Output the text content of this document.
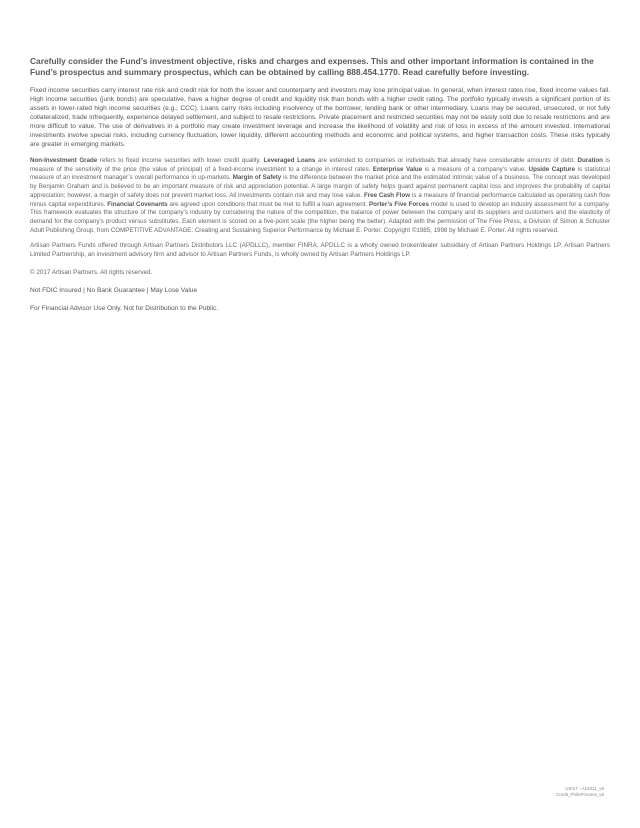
Carefully consider the Fund’s investment objective, risks and charges and expenses. This and other important information is contained in the Fund’s prospectus and summary prospectus, which can be obtained by calling 888.454.1770. Read carefully before investing.

Fixed income securities carry interest rate risk and credit risk for both the issuer and counterparty and investors may lose principal value. In general, when interest rates rise, fixed income values fall. High income securities (junk bonds) are speculative, have a higher degree of credit and liquidity risk than bonds with a higher credit rating. The portfolio typically invests a significant portion of its assets in lower-rated high income securities (e.g., CCC). Loans carry risks including insolvency of the borrower, lending bank or other intermediary. Loans may be secured, unsecured, or not fully collateralized, trade infrequently, experience delayed settlement, and subject to resale restrictions. Private placement and restricted securities may not be easily sold due to resale restrictions and are more difficult to value. The use of derivatives in a portfolio may create investment leverage and increase the likelihood of volatility and risk of loss in excess of the amount invested. International investments involve special risks, including currency fluctuation, lower liquidity, different accounting methods and economic and political systems, and higher transaction costs. These risks typically are greater in emerging markets.

Non-Investment Grade refers to fixed income securities with lower credit quality. Leveraged Loans are extended to companies or individuals that already have considerable amounts of debt. Duration is measure of the sensitivity of the price (the value of principal) of a fixed-income investment to a change in interest rates. Enterprise Value is a measure of a company’s value. Upside Capture is statistical measure of an investment manager’s overall performance in up-markets. Margin of Safety is the difference between the market price and the estimated intrinsic value of a business. The concept was developed by Benjamin Graham and is believed to be an important measure of risk and appreciation potential. A large margin of safety helps guard against permanent capital loss and improves the probability of capital appreciation; however, a margin of safety does not prevent market loss. All investments contain risk and may lose value. Free Cash Flow is a measure of financial performance calculated as operating cash flow minus capital expenditures. Financial Covenants are agreed upon conditions that must be met to fulfill a loan agreement. Porter’s Five Forces model is used to develop an industry assessment for a company. This framework evaluates the structure of the company’s industry by considering the nature of the competition, the balance of power between the company and its suppliers and customers and the elasticity of demand for the company’s product versus substitutes. Each element is scored on a five-point scale (the higher being the better). Adapted with the permission of The Free Press, a Division of Simon & Schuster Adult Publishing Group, from COMPETITIVE ADVANTAGE: Creating and Sustaining Superior Performance by Michael E. Porter. Copyright ©1985, 1998 by Michael E. Porter. All rights reserved.

Artisan Partners Funds offered through Artisan Partners Distributors LLC (APDLLC), member FINRA. APDLLC is a wholly owned broker/dealer subsidiary of Artisan Partners Holdings LP. Artisan Partners Limited Partnership, an investment advisory firm and advisor to Artisan Partners Funds, is wholly owned by Artisan Partners Holdings LP.

© 2017 Artisan Partners. All rights reserved.

Not FDIC Insured | No Bank Guarantee | May Lose Value

For Financial Advisor Use Only. Not for Distribution to the Public.

US/17 - A16311_v5
Credit_PhiloProcess_v5
